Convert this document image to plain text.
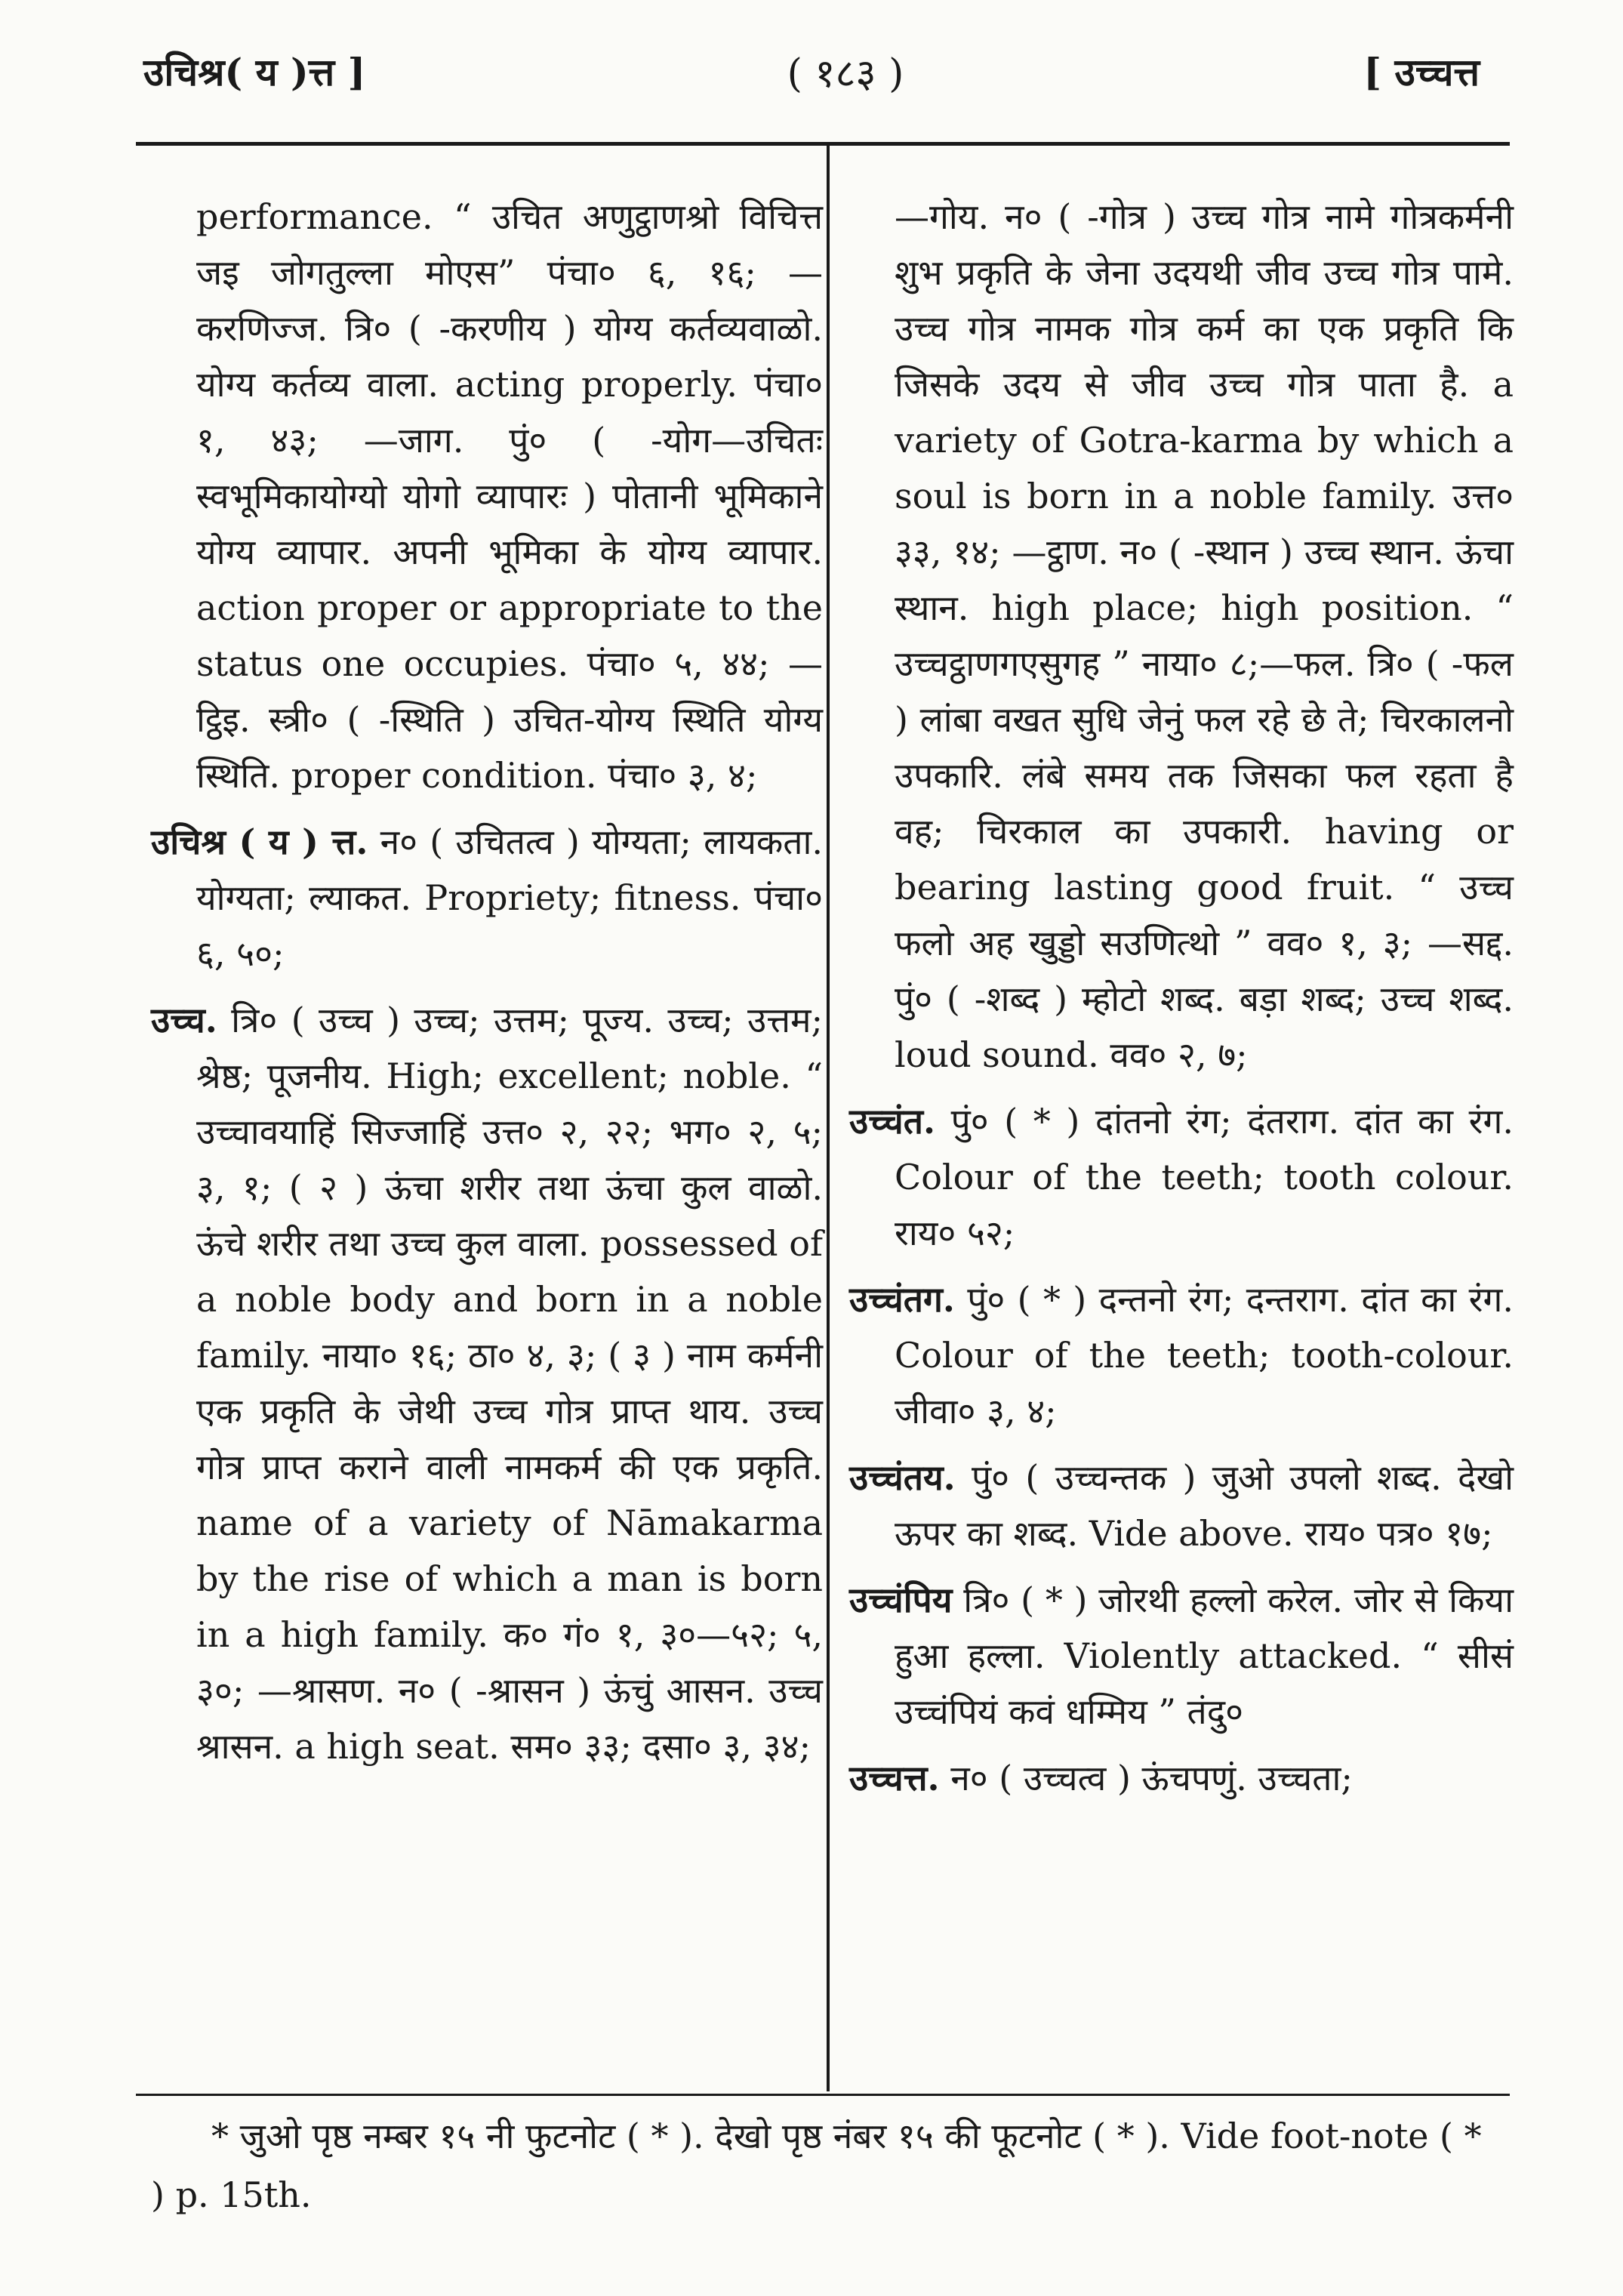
उचिश्र( य )त्त ]	( १८३ )	[ उच्चत्त

performance. “ उचित अणुट्ठाणश्रो विचित्त जइ जोगतुल्ला मोएस” पंचा० ६, १६; —करणिज्ज. त्रि० ( -करणीय ) योग्य कर्तव्यवाळो. योग्य कर्तव्य वाला. acting properly. पंचा० १, ४३; —जाग. पुं० ( -योग—उचितः स्वभूमिकायोग्यो योगो व्यापारः ) पोतानी भूमिकाने योग्य व्यापार. अपनी भूमिका के योग्य व्यापार. action proper or appropriate to the status one occupies. पंचा० ५, ४४; —ट्ठिइ. स्त्री० ( -स्थिति ) उचित-योग्य स्थिति योग्य स्थिति. proper condition. पंचा० ३, ४;

उचिश्र ( य ) त्त. न० ( उचितत्व ) योग्यता; लायकता. योग्यता; ल्याकत. Propriety; fitness. पंचा० ६, ५०;

उच्च. त्रि० ( उच्च ) उच्च; उत्तम; पूज्य. उच्च; उत्तम; श्रेष्ठ; पूजनीय. High; excellent; noble. “ उच्चावयाहिं सिज्जाहिं उत्त० २, २२; भग० २, ५; ३, १; ( २ ) ऊंचा शरीर तथा ऊंचा कुल वाळो. ऊंचे शरीर तथा उच्च कुल वाला. possessed of a noble body and born in a noble family. नाया० १६; ठा० ४, ३; ( ३ ) नाम कर्मनी एक प्रकृति के जेथी उच्च गोत्र प्राप्त थाय. उच्च गोत्र प्राप्त कराने वाली नामकर्म की एक प्रकृति. name of a variety of Nāmakarma by the rise of which a man is born in a high family. क० गं० १, ३०—५२; ५, ३०; —श्रासण. न० ( -श्रासन ) ऊंचुं आसन. उच्च श्रासन. a high seat. सम० ३३; दसा० ३, ३४;

—गोय. न० ( -गोत्र ) उच्च गोत्र नामे गोत्रकर्मनी शुभ प्रकृति के जेना उदयथी जीव उच्च गोत्र पामे. उच्च गोत्र नामक गोत्र कर्म का एक प्रकृति कि जिसके उदय से जीव उच्च गोत्र पाता है. a variety of Gotra-karma by which a soul is born in a noble family. उत्त० ३३, १४; —ट्ठाण. न० ( -स्थान ) उच्च स्थान. ऊंचा स्थान. high place; high position. “ उच्चट्ठाणगएसुगह ” नाया० ८;—फल. त्रि० ( -फल ) लांबा वखत सुधि जेनुं फल रहे छे ते; चिरकालनो उपकारि. लंबे समय तक जिसका फल रहता है वह; चिरकाल का उपकारी. having or bearing lasting good fruit. “ उच्च फलो अह खुड्डो सउणित्थो ” वव० १, ३; —सद्द. पुं० ( -शब्द ) म्होटो शब्द. बड़ा शब्द; उच्च शब्द. loud sound. वव० २, ७;

उच्चंत. पुं० ( * ) दांतनो रंग; दंतराग. दांत का रंग. Colour of the teeth; tooth colour. राय० ५२;

उच्चंतग. पुं० ( * ) दन्तनो रंग; दन्तराग. दांत का रंग. Colour of the teeth; tooth-colour. जीवा० ३, ४;

उच्चंतय. पुं० ( उच्चन्तक ) जुओ उपलो शब्द. देखो ऊपर का शब्द. Vide above. राय० पत्र० १७;

उच्चंपिय त्रि० ( * ) जोरथी हल्लो करेल. जोर से किया हुआ हल्ला. Violently attacked. “ सीसं उच्चंपियं कवं धम्मिय ” तंदु०

उच्चत्त. न० ( उच्चत्व ) ऊंचपणुं. उच्चता;

* जुओ पृष्ठ नम्बर १५ नी फुटनोट ( * ). देखो पृष्ठ नंबर १५ की फूटनोट ( * ). Vide foot-note ( * ) p. 15th.
